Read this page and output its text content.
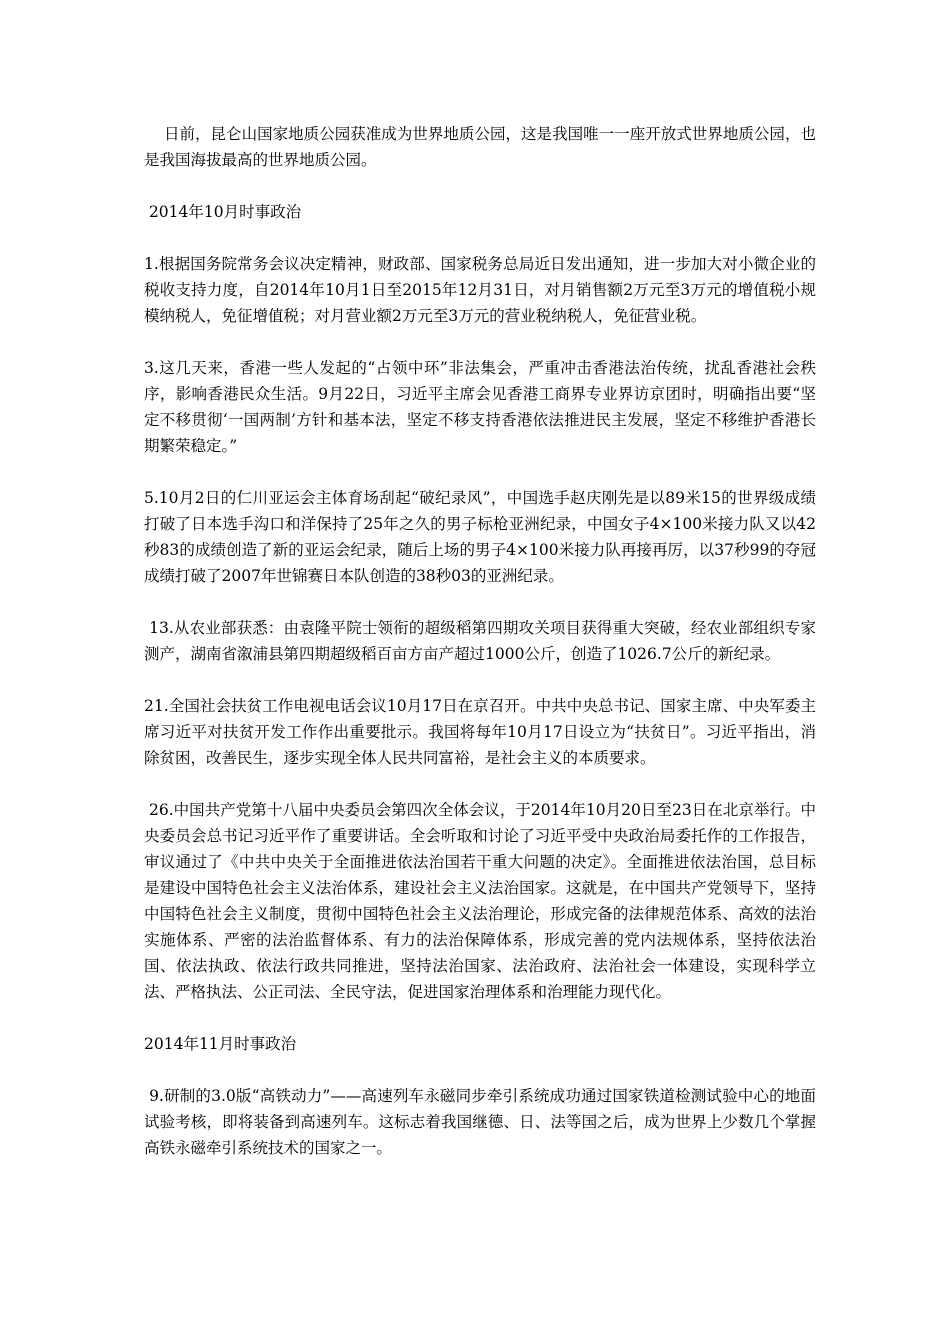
日前，昆仑山国家地质公园获准成为世界地质公园，这是我国唯一一座开放式世界地质公园，也是我国海拔最高的世界地质公园。

2014年10月时事政治

1.根据国务院常务会议决定精神，财政部、国家税务总局近日发出通知，进一步加大对小微企业的税收支持力度，自2014年10月1日至2015年12月31日，对月销售额2万元至3万元的增值税小规模纳税人，免征增值税；对月营业额2万元至3万元的营业税纳税人，免征营业税。

3.这几天来，香港一些人发起的“占领中环”非法集会，严重冲击香港法治传统，扰乱香港社会秩序，影响香港民众生活。9月22日，习近平主席会见香港工商界专业界访京团时，明确指出要“坚定不移贯彻‘一国两制’方针和基本法，坚定不移支持香港依法推进民主发展，坚定不移维护香港长期繁荣稳定。”

5.10月2日的仁川亚运会主体育场刮起“破纪录风”，中国选手赵庆刚先是以89米15的世界级成绩打破了日本选手沟口和洋保持了25年之久的男子标枪亚洲纪录，中国女子4×100米接力队又以42秒83的成绩创造了新的亚运会纪录，随后上场的男子4×100米接力队再接再厉，以37秒99的夺冠成绩打破了2007年世锦赛日本队创造的38秒03的亚洲纪录。

13.从农业部获悉：由袁隆平院士领衔的超级稻第四期攻关项目获得重大突破，经农业部组织专家测产，湖南省溆浦县第四期超级稻百亩方亩产超过1000公斤，创造了1026.7公斤的新纪录。

21.全国社会扶贫工作电视电话会议10月17日在京召开。中共中央总书记、国家主席、中央军委主席习近平对扶贫开发工作作出重要批示。我国将每年10月17日设立为“扶贫日”。习近平指出，消除贫困，改善民生，逐步实现全体人民共同富裕，是社会主义的本质要求。

26.中国共产党第十八届中央委员会第四次全体会议，于2014年10月20日至23日在北京举行。中央委员会总书记习近平作了重要讲话。全会听取和讨论了习近平受中央政治局委托作的工作报告，审议通过了《中共中央关于全面推进依法治国若干重大问题的决定》。全面推进依法治国，总目标是建设中国特色社会主义法治体系，建设社会主义法治国家。这就是，在中国共产党领导下，坚持中国特色社会主义制度，贯彻中国特色社会主义法治理论，形成完备的法律规范体系、高效的法治实施体系、严密的法治监督体系、有力的法治保障体系，形成完善的党内法规体系，坚持依法治国、依法执政、依法行政共同推进，坚持法治国家、法治政府、法治社会一体建设，实现科学立法、严格执法、公正司法、全民守法，促进国家治理体系和治理能力现代化。

2014年11月时事政治

9.研制的3.0版“高铁动力”——高速列车永磁同步牵引系统成功通过国家铁道检测试验中心的地面试验考核，即将装备到高速列车。这标志着我国继德、日、法等国之后，成为世界上少数几个掌握高铁永磁牵引系统技术的国家之一。
